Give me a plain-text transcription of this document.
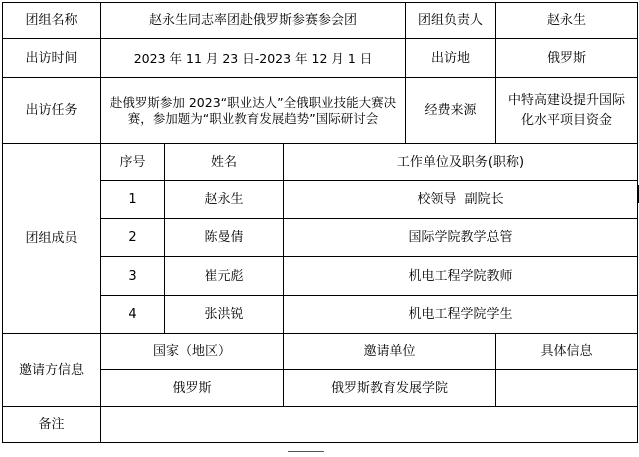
团组名称	赵永生同志率团赴俄罗斯参赛参会团			团组负责人	赵永生
出访时间	2023 年 11 月 23 日-2023 年 12 月 1 日			出访地	俄罗斯
出访任务	赴俄罗斯参加 2023“职业达人”全俄职业技能大赛决赛，参加题为“职业教育发展趋势”国际研讨会			经费来源	中特高建设提升国际化水平项目资金
团组成员	序号	姓名	工作单位及职务(职称)		
	1	赵永生	校领导  副院长		
	2	陈曼倩	国际学院教学总管		
	3	崔元彪	机电工程学院教师		
	4	张洪锐	机电工程学院学生		
邀请方信息	国家（地区）		邀请单位		具体信息
	俄罗斯		俄罗斯教育发展学院		
备注					
